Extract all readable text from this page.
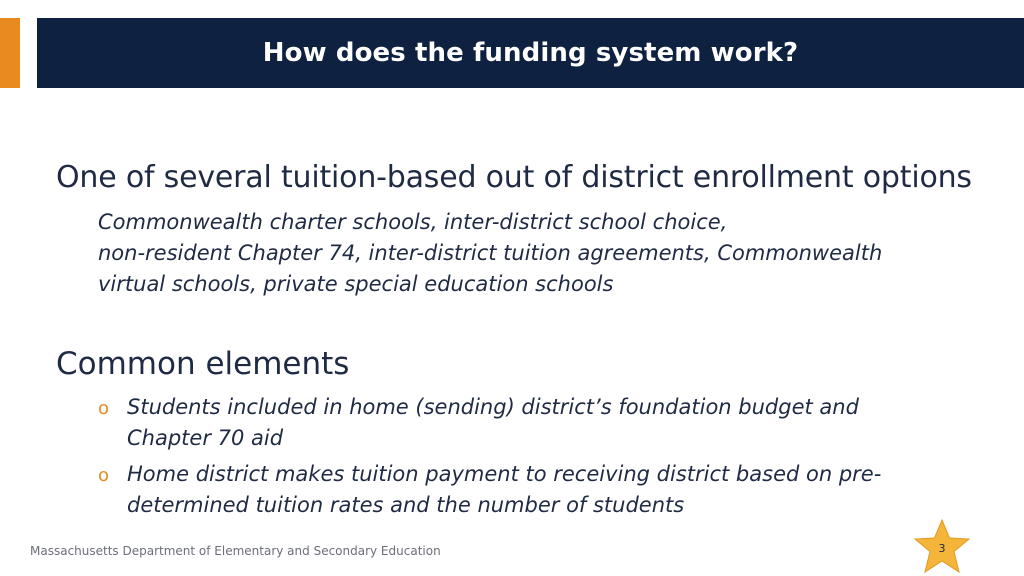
How does the funding system work?
One of several tuition-based out of district enrollment options
Commonwealth charter schools, inter-district school choice,
non-resident Chapter 74, inter-district tuition agreements, Commonwealth
virtual schools, private special education schools
Common elements
o Students included in home (sending) district’s foundation budget and Chapter 70 aid
o Home district makes tuition payment to receiving district based on pre-determined tuition rates and the number of students
Massachusetts Department of Elementary and Secondary Education	3
